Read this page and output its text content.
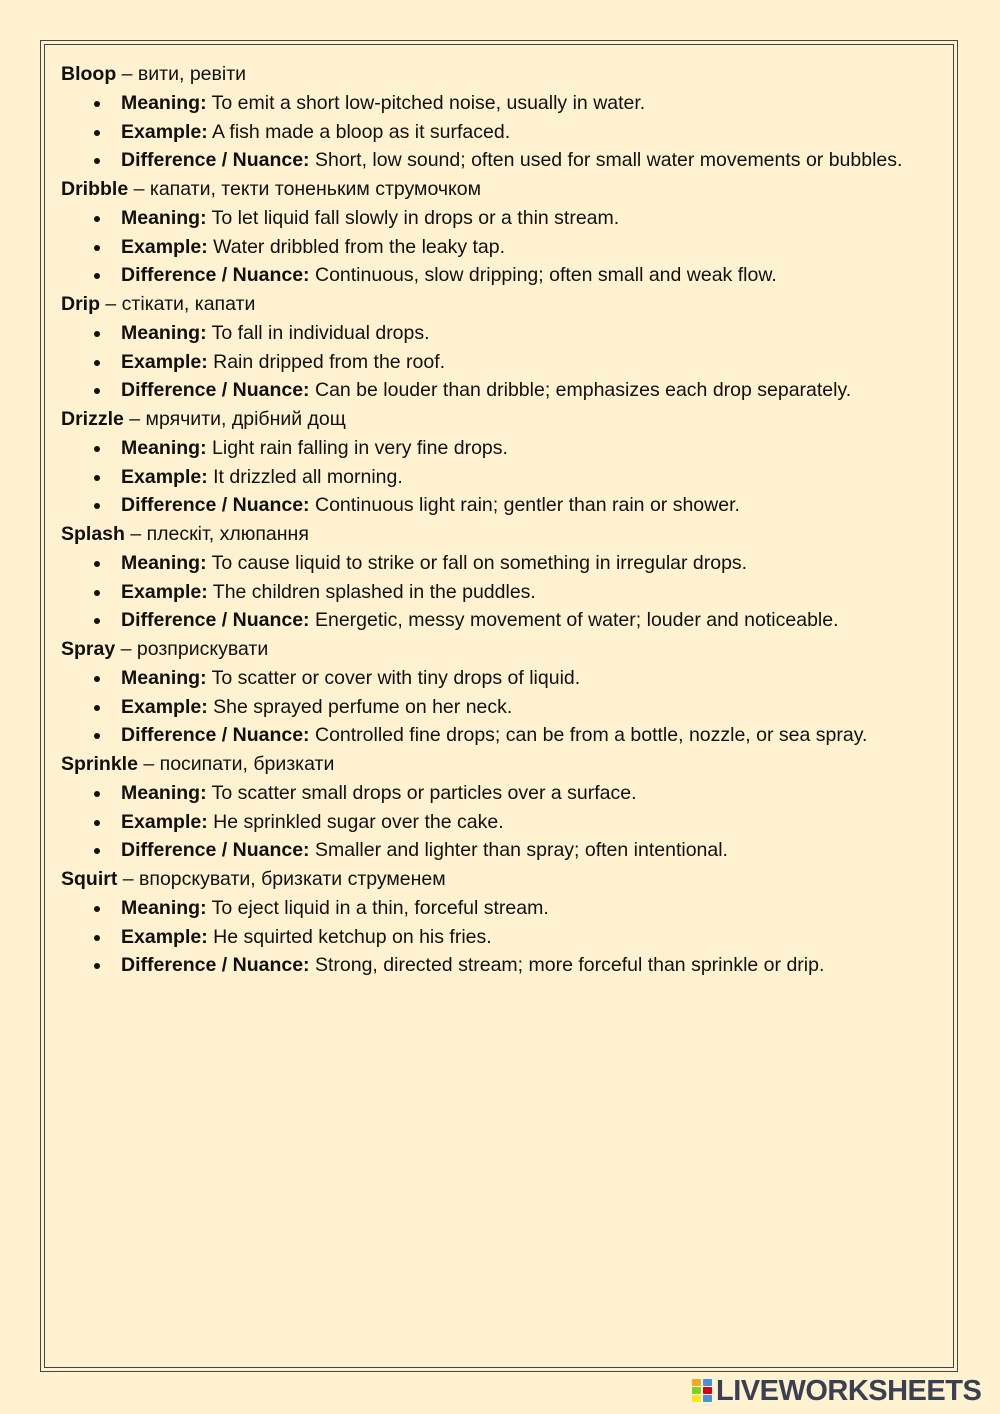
Bloop – вити, ревіти

Meaning: To emit a short low-pitched noise, usually in water.
Example: A fish made a bloop as it surfaced.
Difference / Nuance: Short, low sound; often used for small water movements or bubbles.

Dribble – капати, текти тоненьким струмочком

Meaning: To let liquid fall slowly in drops or a thin stream.
Example: Water dribbled from the leaky tap.
Difference / Nuance: Continuous, slow dripping; often small and weak flow.

Drip – стікати, капати

Meaning: To fall in individual drops.
Example: Rain dripped from the roof.
Difference / Nuance: Can be louder than dribble; emphasizes each drop separately.

Drizzle – мрячити, дрібний дощ

Meaning: Light rain falling in very fine drops.
Example: It drizzled all morning.
Difference / Nuance: Continuous light rain; gentler than rain or shower.

Splash – плескіт, хлюпання

Meaning: To cause liquid to strike or fall on something in irregular drops.
Example: The children splashed in the puddles.
Difference / Nuance: Energetic, messy movement of water; louder and noticeable.

Spray – розприскувати

Meaning: To scatter or cover with tiny drops of liquid.
Example: She sprayed perfume on her neck.
Difference / Nuance: Controlled fine drops; can be from a bottle, nozzle, or sea spray.

Sprinkle – посипати, бризкати

Meaning: To scatter small drops or particles over a surface.
Example: He sprinkled sugar over the cake.
Difference / Nuance: Smaller and lighter than spray; often intentional.

Squirt – впорскувати, бризкати струменем

Meaning: To eject liquid in a thin, forceful stream.
Example: He squirted ketchup on his fries.
Difference / Nuance: Strong, directed stream; more forceful than sprinkle or drip.
LIVEWORKSHEETS
